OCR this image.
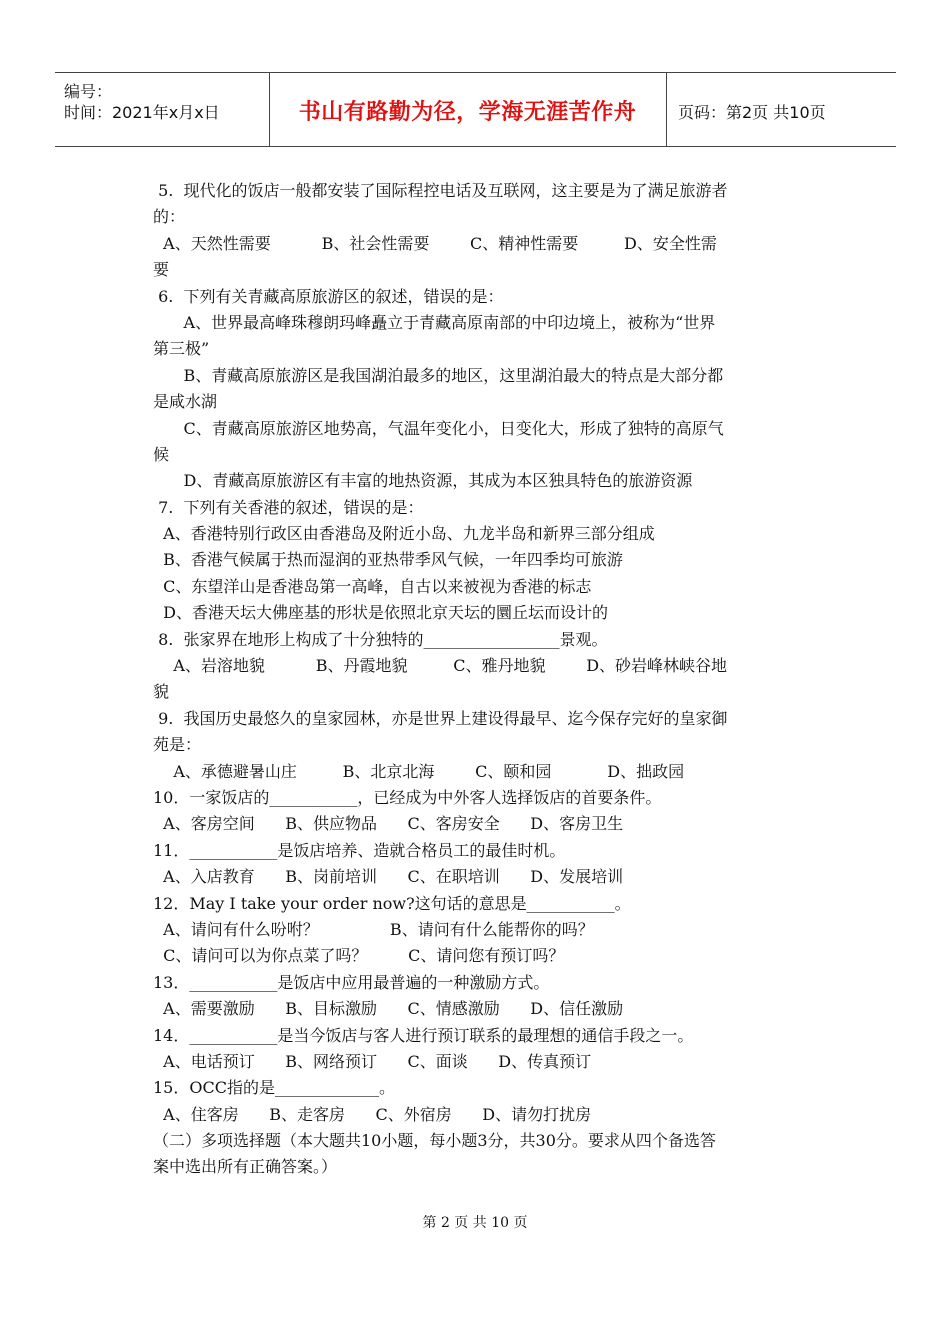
编号：
时间：2021年x月x日	书山有路勤为径，学海无涯苦作舟	页码：第2页 共10页
5.  现代化的饭店一般都安装了国际程控电话及互联网，这主要是为了满足旅游者
的：
A、天然性需要          B、社会性需要        C、精神性需要         D、安全性需
要
6.  下列有关青藏高原旅游区的叙述，错误的是：
A、世界最高峰珠穆朗玛峰矗立于青藏高原南部的中印边境上，被称为“世界
第三极”
B、青藏高原旅游区是我国湖泊最多的地区，这里湖泊最大的特点是大部分都
是咸水湖
C、青藏高原旅游区地势高，气温年变化小，日变化大，形成了独特的高原气
候
D、青藏高原旅游区有丰富的地热资源，其成为本区独具特色的旅游资源
7.  下列有关香港的叙述，错误的是：
A、香港特别行政区由香港岛及附近小岛、九龙半岛和新界三部分组成
B、香港气候属于热而湿润的亚热带季风气候，一年四季均可旅游
C、东望洋山是香港岛第一高峰，自古以来被视为香港的标志
D、香港天坛大佛座基的形状是依照北京天坛的圜丘坛而设计的
8.  张家界在地形上构成了十分独特的_________________景观。
A、岩溶地貌          B、丹霞地貌         C、雅丹地貌        D、砂岩峰林峡谷地
貌
9.  我国历史最悠久的皇家园林，亦是世界上建设得最早、迄今保存完好的皇家御
苑是：
A、承德避暑山庄         B、北京北海        C、颐和园           D、拙政园
10．一家饭店的___________，已经成为中外客人选择饭店的首要条件。
A、客房空间      B、供应物品      C、客房安全      D、客房卫生
11．___________是饭店培养、造就合格员工的最佳时机。
A、入店教育      B、岗前培训      C、在职培训      D、发展培训
12．May I take your order now?这句话的意思是___________。
A、请问有什么吩咐？              B、请问有什么能帮你的吗？
C、请问可以为你点菜了吗？        C、请问您有预订吗？
13．___________是饭店中应用最普遍的一种激励方式。
A、需要激励      B、目标激励      C、情感激励      D、信任激励
14．___________是当今饭店与客人进行预订联系的最理想的通信手段之一。
A、电话预订      B、网络预订      C、面谈      D、传真预订
15．OCC指的是_____________。
A、住客房      B、走客房      C、外宿房      D、请勿打扰房
（二）多项选择题（本大题共10小题，每小题3分，共30分。要求从四个备选答
案中选出所有正确答案。）
第 2 页 共 10 页
